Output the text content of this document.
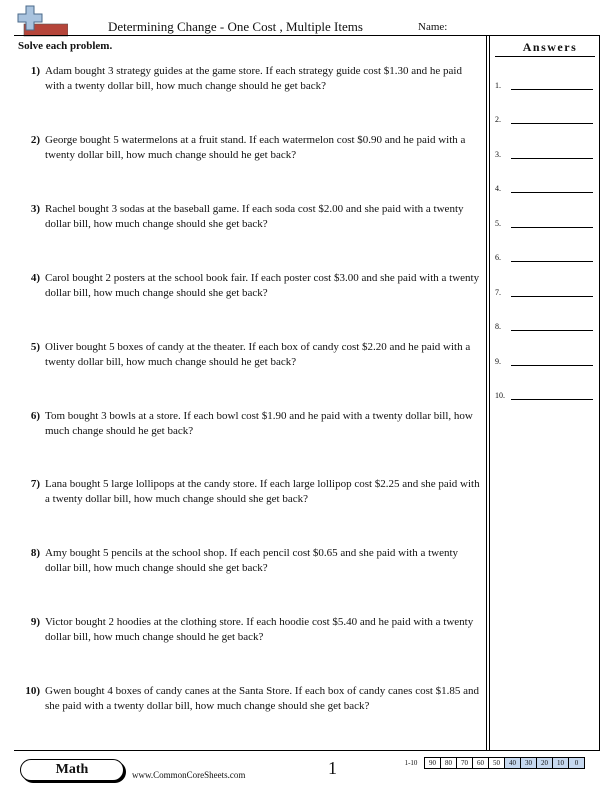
Determining Change - One Cost , Multiple Items	Name:
Solve each problem.
1) Adam bought 3 strategy guides at the game store. If each strategy guide cost $1.30 and he paid with a twenty dollar bill, how much change should he get back?
2) George bought 5 watermelons at a fruit stand. If each watermelon cost $0.90 and he paid with a twenty dollar bill, how much change should he get back?
3) Rachel bought 3 sodas at the baseball game. If each soda cost $2.00 and she paid with a twenty dollar bill, how much change should she get back?
4) Carol bought 2 posters at the school book fair. If each poster cost $3.00 and she paid with a twenty dollar bill, how much change should she get back?
5) Oliver bought 5 boxes of candy at the theater. If each box of candy cost $2.20 and he paid with a twenty dollar bill, how much change should he get back?
6) Tom bought 3 bowls at a store. If each bowl cost $1.90 and he paid with a twenty dollar bill, how much change should he get back?
7) Lana bought 5 large lollipops at the candy store. If each large lollipop cost $2.25 and she paid with a twenty dollar bill, how much change should she get back?
8) Amy bought 5 pencils at the school shop. If each pencil cost $0.65 and she paid with a twenty dollar bill, how much change should she get back?
9) Victor bought 2 hoodies at the clothing store. If each hoodie cost $5.40 and he paid with a twenty dollar bill, how much change should he get back?
10) Gwen bought 4 boxes of candy canes at the Santa Store. If each box of candy canes cost $1.85 and she paid with a twenty dollar bill, how much change should she get back?
Answers
1.
2.
3.
4.
5.
6.
7.
8.
9.
10.
Math	www.CommonCoreSheets.com	1	1-10	90	80	70	60	50	40	30	20	10	0
